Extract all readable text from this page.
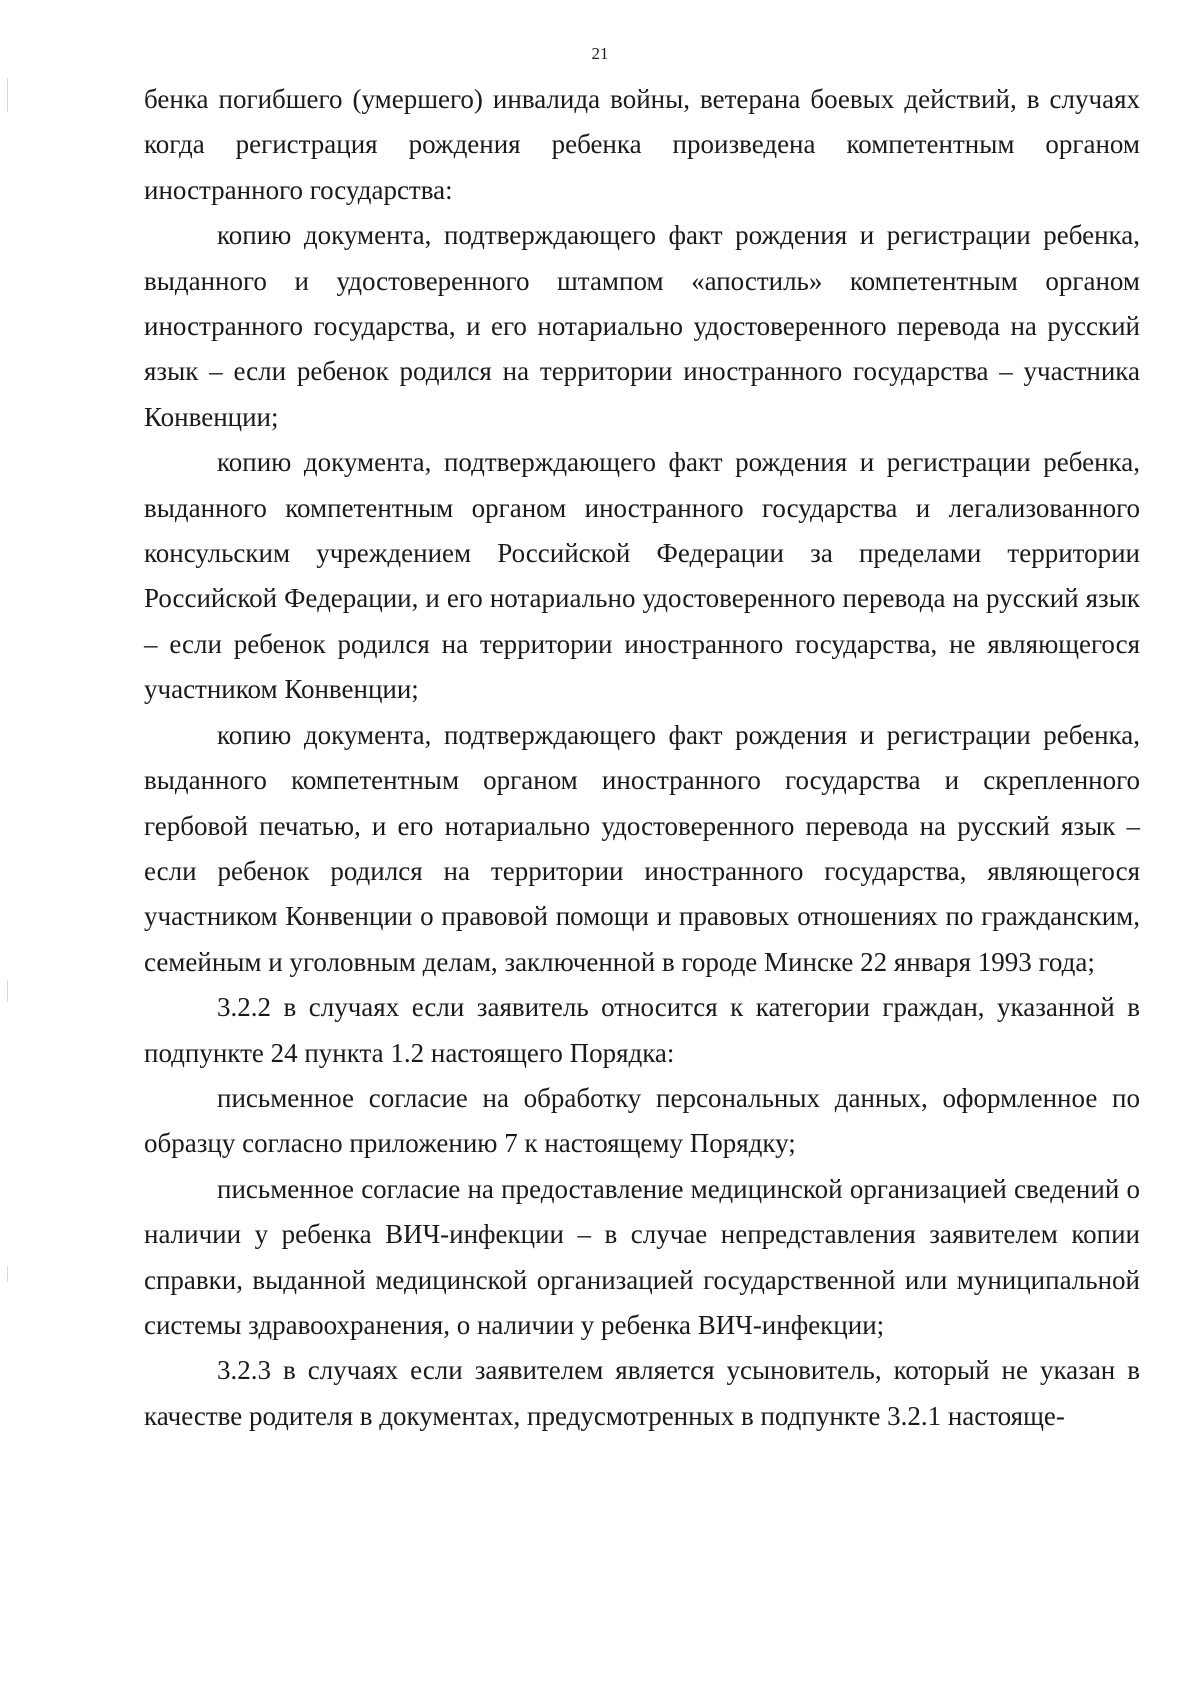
21

бенка погибшего (умершего) инвалида войны, ветерана боевых действий, в случаях когда регистрация рождения ребенка произведена компетентным органом иностранного государства:

копию документа, подтверждающего факт рождения и регистрации ребенка, выданного и удостоверенного штампом «апостиль» компетентным органом иностранного государства, и его нотариально удостоверенного перевода на русский язык – если ребенок родился на территории иностранного государства – участника Конвенции;

копию документа, подтверждающего факт рождения и регистрации ребенка, выданного компетентным органом иностранного государства и легализованного консульским учреждением Российской Федерации за пределами территории Российской Федерации, и его нотариально удостоверенного перевода на русский язык – если ребенок родился на территории иностранного государства, не являющегося участником Конвенции;

копию документа, подтверждающего факт рождения и регистрации ребенка, выданного компетентным органом иностранного государства и скрепленного гербовой печатью, и его нотариально удостоверенного перевода на русский язык – если ребенок родился на территории иностранного государства, являющегося участником Конвенции о правовой помощи и правовых отношениях по гражданским, семейным и уголовным делам, заключенной в городе Минске 22 января 1993 года;

3.2.2 в случаях если заявитель относится к категории граждан, указанной в подпункте 24 пункта 1.2 настоящего Порядка:

письменное согласие на обработку персональных данных, оформленное по образцу согласно приложению 7 к настоящему Порядку;

письменное согласие на предоставление медицинской организацией сведений о наличии у ребенка ВИЧ-инфекции – в случае непредставления заявителем копии справки, выданной медицинской организацией государственной или муниципальной системы здравоохранения, о наличии у ребенка ВИЧ-инфекции;

3.2.3 в случаях если заявителем является усыновитель, который не указан в качестве родителя в документах, предусмотренных в подпункте 3.2.1 настояще-
